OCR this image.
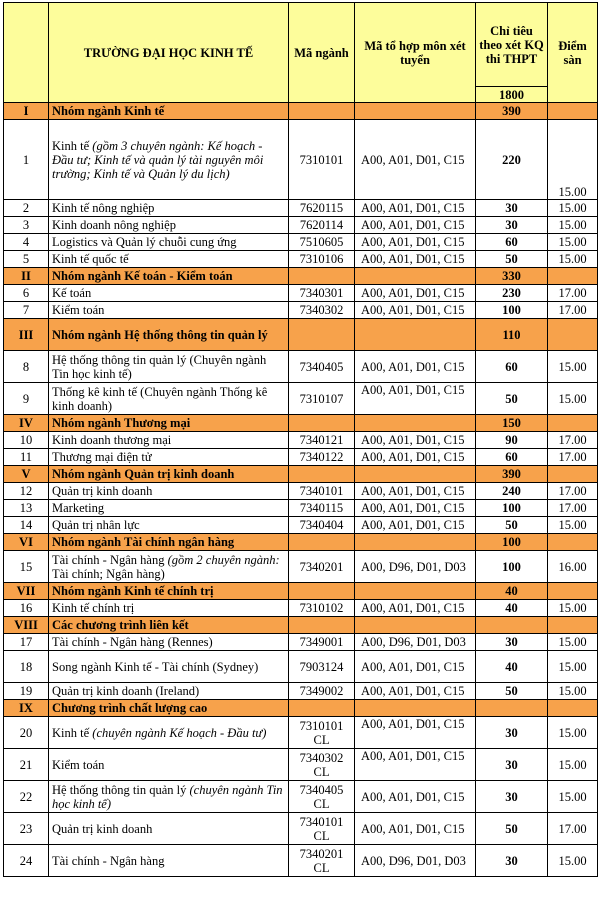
	TRƯỜNG ĐẠI HỌC KINH TẾ	Mã ngành	Mã tổ hợp môn xét tuyển	Chỉ tiêu theo xét KQ thi THPT	Điểm sàn
				1800	
I	Nhóm ngành Kinh tế			390	
1	Kinh tế (gồm 3 chuyên ngành: Kế hoạch - Đầu tư; Kinh tế và quản lý tài nguyên môi trường; Kinh tế và Quản lý du lịch)	7310101	A00, A01, D01, C15	220	15.00
2	Kinh tế nông nghiệp	7620115	A00, A01, D01, C15	30	15.00
3	Kinh doanh nông nghiệp	7620114	A00, A01, D01, C15	30	15.00
4	Logistics và Quản lý chuỗi cung ứng	7510605	A00, A01, D01, C15	60	15.00
5	Kinh tế quốc tế	7310106	A00, A01, D01, C15	50	15.00
II	Nhóm ngành Kế toán - Kiểm toán			330	
6	Kế toán	7340301	A00, A01, D01, C15	230	17.00
7	Kiểm toán	7340302	A00, A01, D01, C15	100	17.00
III	Nhóm ngành Hệ thống thông tin quản lý			110	
8	Hệ thống thông tin quản lý (Chuyên ngành Tin học kinh tế)	7340405	A00, A01, D01, C15	60	15.00
9	Thống kê kinh tế (Chuyên ngành Thống kê kinh doanh)	7310107	A00, A01, D01, C15	50	15.00
IV	Nhóm ngành Thương mại			150	
10	Kinh doanh thương mại	7340121	A00, A01, D01, C15	90	17.00
11	Thương mại điện tử	7340122	A00, A01, D01, C15	60	17.00
V	Nhóm ngành Quản trị kinh doanh			390	
12	Quản trị kinh doanh	7340101	A00, A01, D01, C15	240	17.00
13	Marketing	7340115	A00, A01, D01, C15	100	17.00
14	Quản trị nhân lực	7340404	A00, A01, D01, C15	50	15.00
VI	Nhóm ngành Tài chính ngân hàng			100	
15	Tài chính - Ngân hàng (gồm 2 chuyên ngành: Tài chính; Ngân hàng)	7340201	A00, D96, D01, D03	100	16.00
VII	Nhóm ngành Kinh tế chính trị			40	
16	Kinh tế chính trị	7310102	A00, A01, D01, C15	40	15.00
VIII	Các chương trình liên kết				
17	Tài chính - Ngân hàng (Rennes)	7349001	A00, D96, D01, D03	30	15.00
18	Song ngành Kinh tế - Tài chính (Sydney)	7903124	A00, A01, D01, C15	40	15.00
19	Quản trị kinh doanh (Ireland)	7349002	A00, A01, D01, C15	50	15.00
IX	Chương trình chất lượng cao				
20	Kinh tế (chuyên ngành Kế hoạch - Đầu tư)	7310101 CL	A00, A01, D01, C15	30	15.00
21	Kiểm toán	7340302 CL	A00, A01, D01, C15	30	15.00
22	Hệ thống thông tin quản lý (chuyên ngành Tin học kinh tế)	7340405 CL	A00, A01, D01, C15	30	15.00
23	Quản trị kinh doanh	7340101 CL	A00, A01, D01, C15	50	17.00
24	Tài chính - Ngân hàng	7340201 CL	A00, D96, D01, D03	30	15.00
